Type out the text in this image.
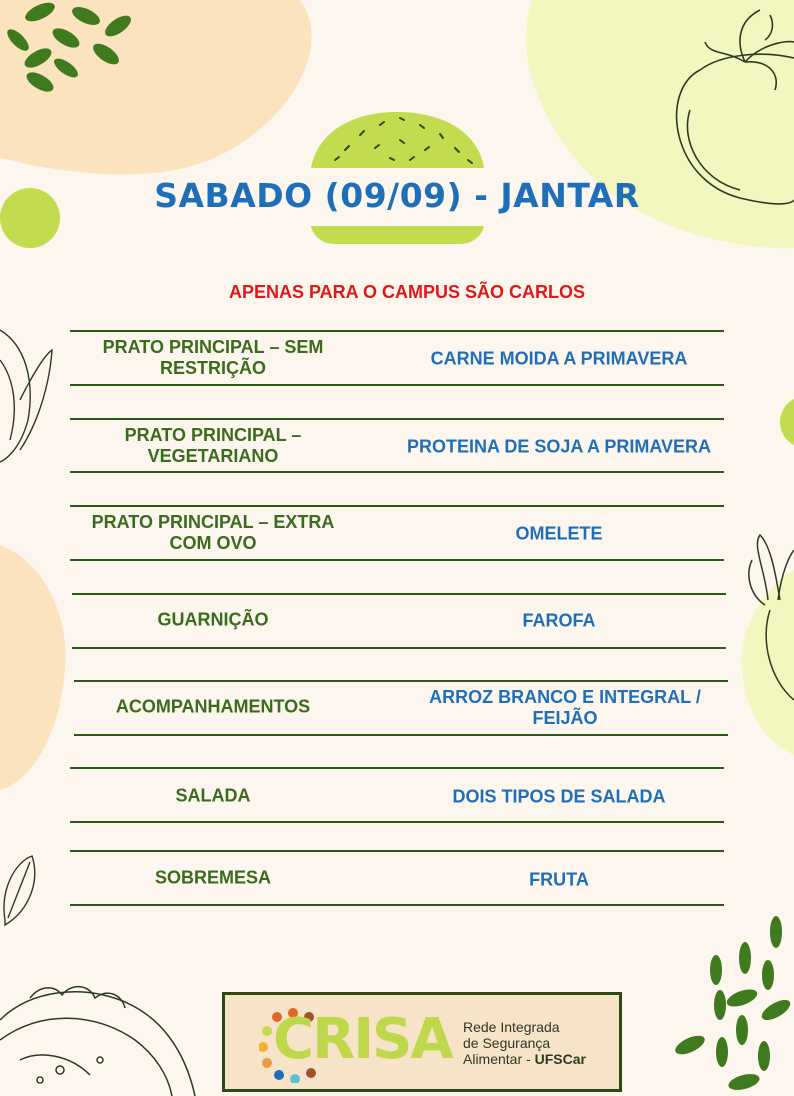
SABADO (09/09) - JANTAR
APENAS PARA O CAMPUS SÃO CARLOS
PRATO PRINCIPAL – SEM RESTRIÇÃO	CARNE MOIDA A PRIMAVERA
PRATO PRINCIPAL – VEGETARIANO	PROTEINA DE SOJA A PRIMAVERA
PRATO PRINCIPAL – EXTRA COM OVO	OMELETE
GUARNIÇÃO	FAROFA
ACOMPANHAMENTOS	ARROZ BRANCO E INTEGRAL / FEIJÃO
SALADA	DOIS TIPOS DE SALADA
SOBREMESA	FRUTA
CRISA Rede Integrada
de Segurança
Alimentar - UFSCar
